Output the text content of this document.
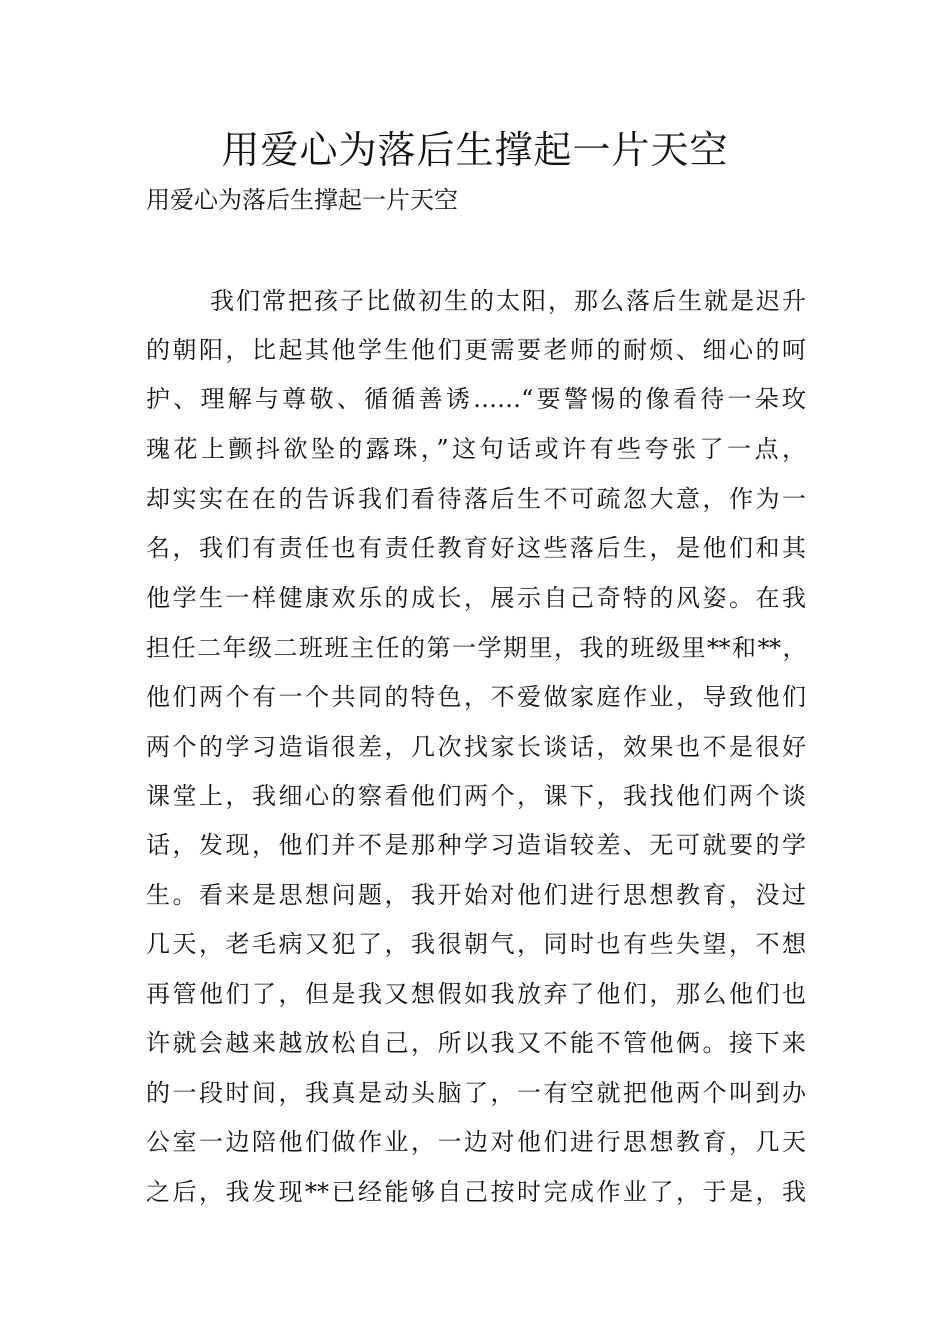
用爱心为落后生撑起一片天空

用爱心为落后生撑起一片天空

我们常把孩子比做初生的太阳，那么落后生就是迟升
的朝阳，比起其他学生他们更需要老师的耐烦、细心的呵
护、理解与尊敬、循循善诱……“要警惕的像看待一朵玫
瑰花上颤抖欲坠的露珠，”这句话或许有些夸张了一点，
却实实在在的告诉我们看待落后生不可疏忽大意，作为一
名，我们有责任也有责任教育好这些落后生，是他们和其
他学生一样健康欢乐的成长，展示自己奇特的风姿。在我
担任二年级二班班主任的第一学期里，我的班级里**和**，
他们两个有一个共同的特色，不爱做家庭作业，导致他们
两个的学习造诣很差，几次找家长谈话，效果也不是很好
课堂上，我细心的察看他们两个，课下，我找他们两个谈
话，发现，他们并不是那种学习造诣较差、无可就要的学
生。看来是思想问题，我开始对他们进行思想教育，没过
几天，老毛病又犯了，我很朝气，同时也有些失望，不想
再管他们了，但是我又想假如我放弃了他们，那么他们也
许就会越来越放松自己，所以我又不能不管他俩。接下来
的一段时间，我真是动头脑了，一有空就把他两个叫到办
公室一边陪他们做作业，一边对他们进行思想教育，几天
之后，我发现**已经能够自己按时完成作业了，于是，我
